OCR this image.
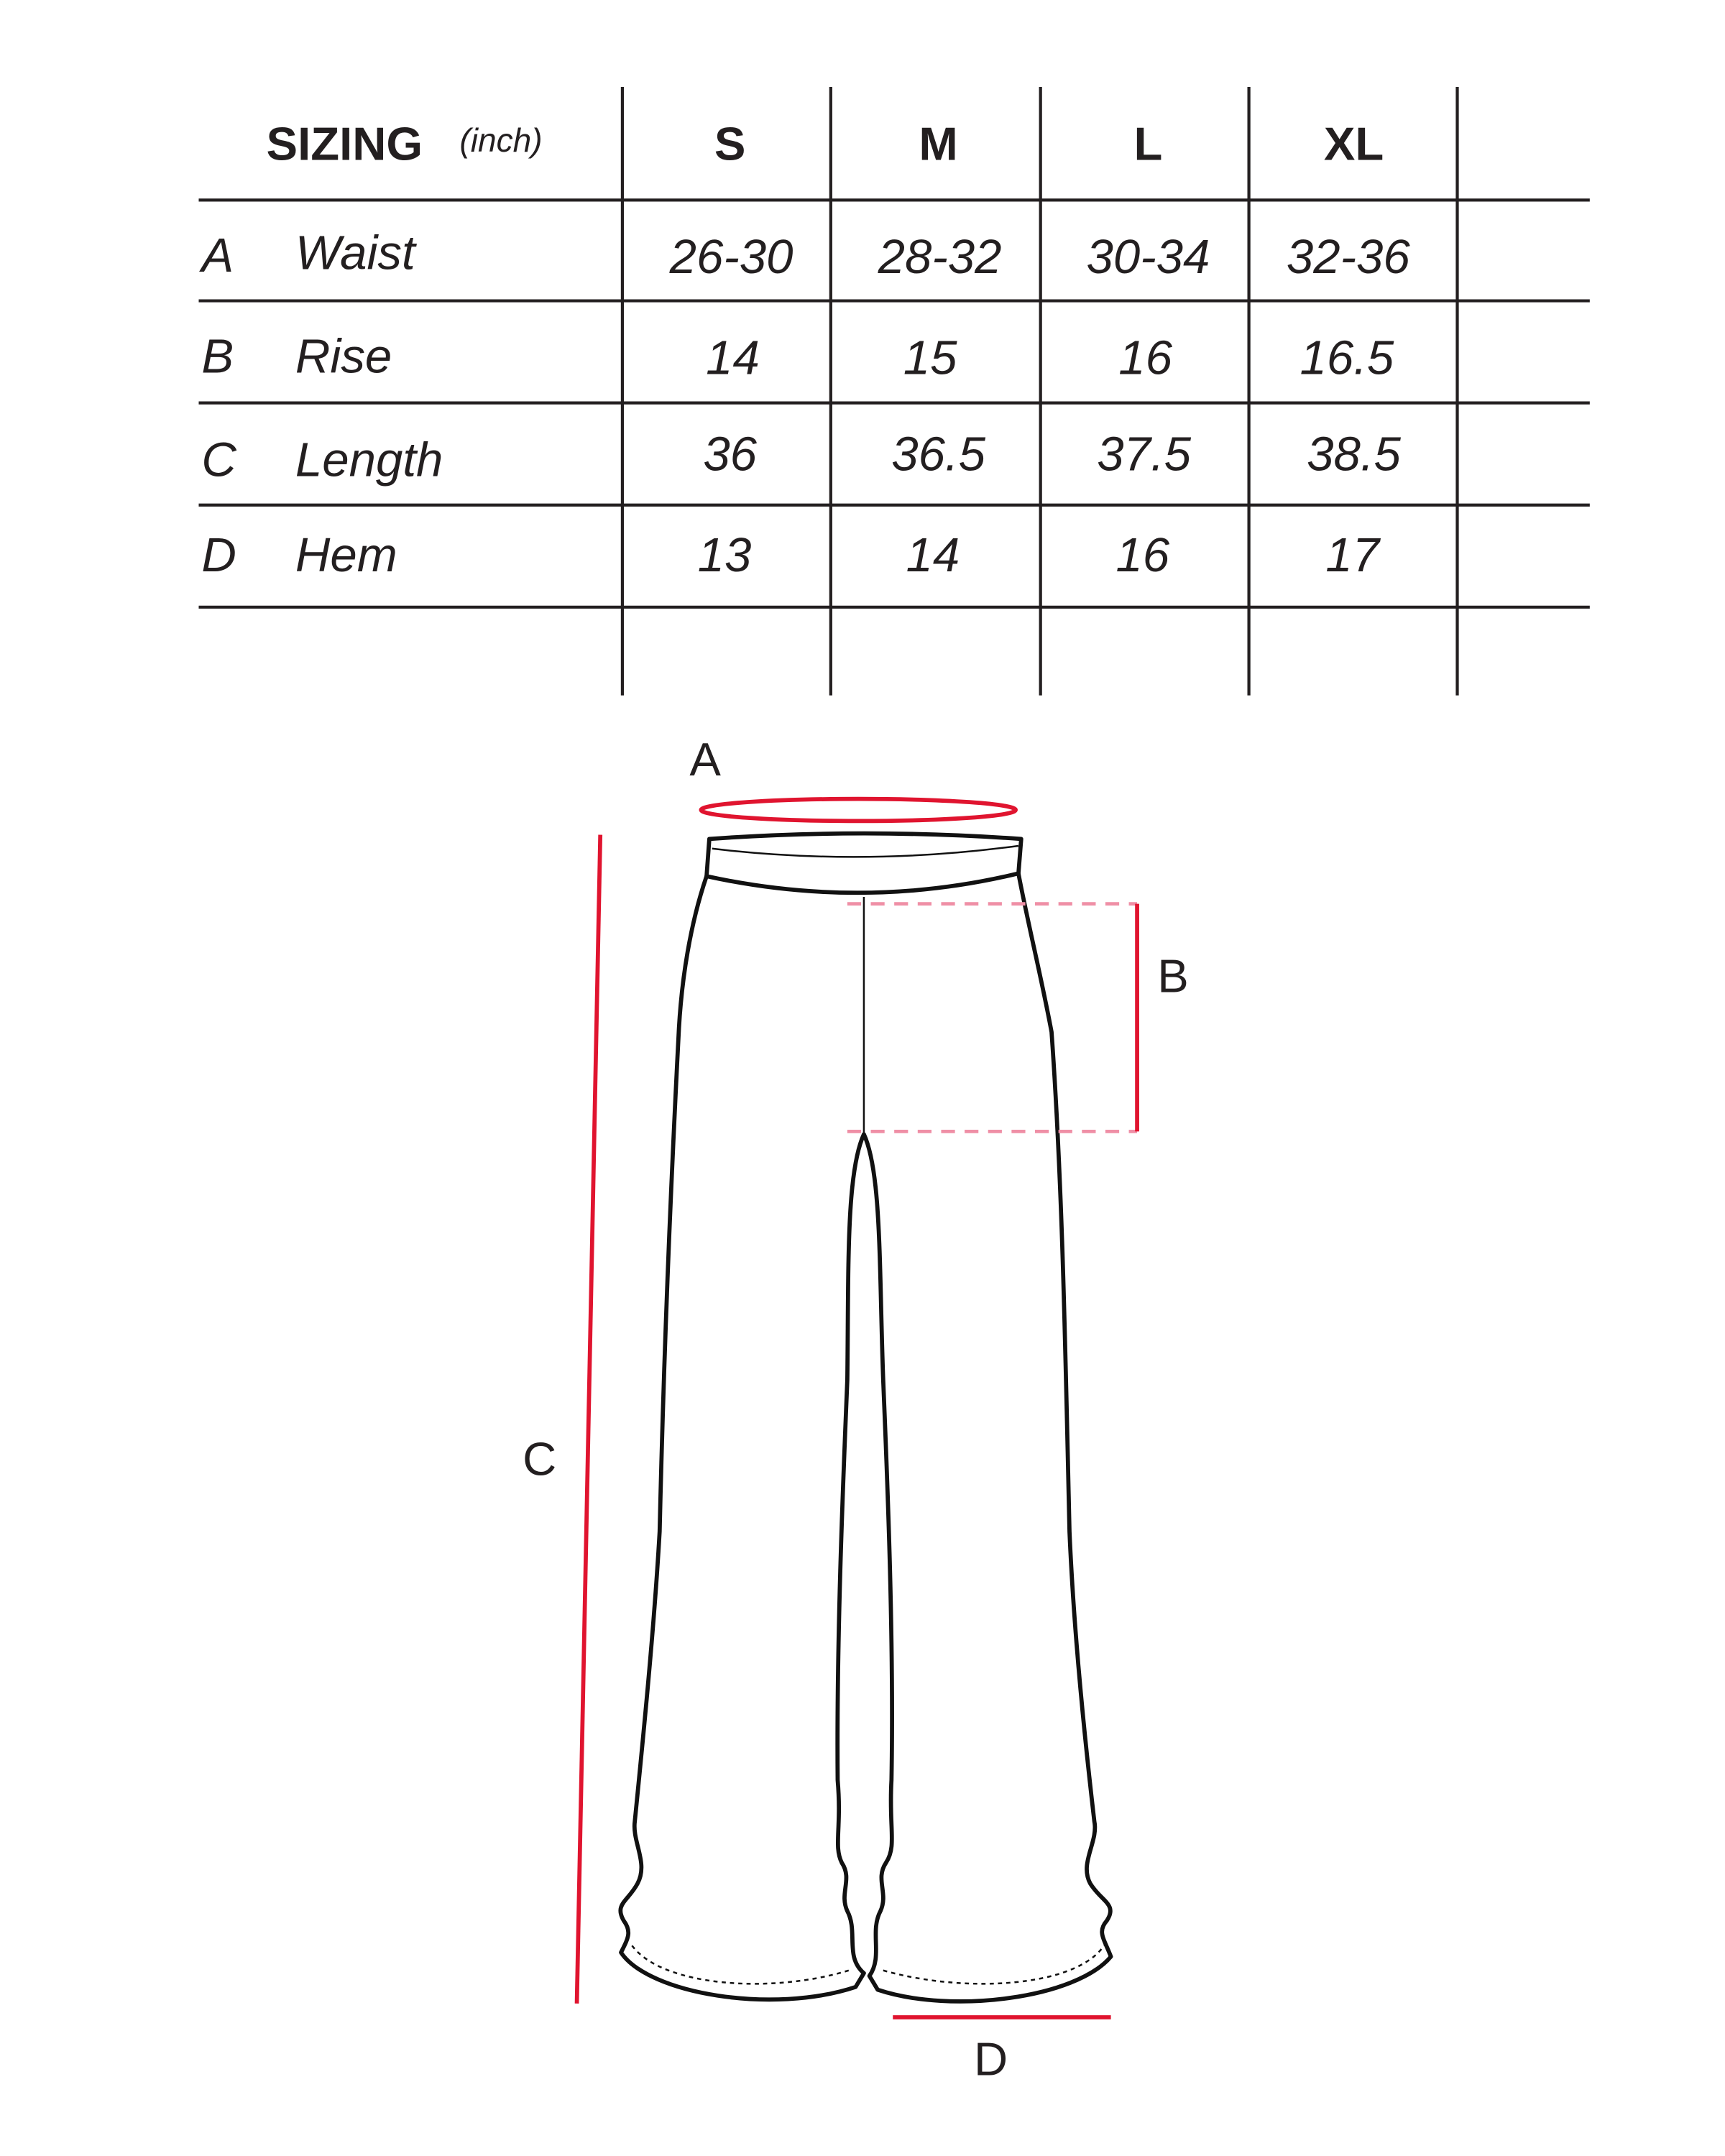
SIZING (inch)	S	M	L	XL
A Waist	26-30	28-32	30-34	32-36
B Rise	14	15	16	16.5
C Length	36	36.5	37.5	38.5
D Hem	13	14	16	17
A
B
C
D
